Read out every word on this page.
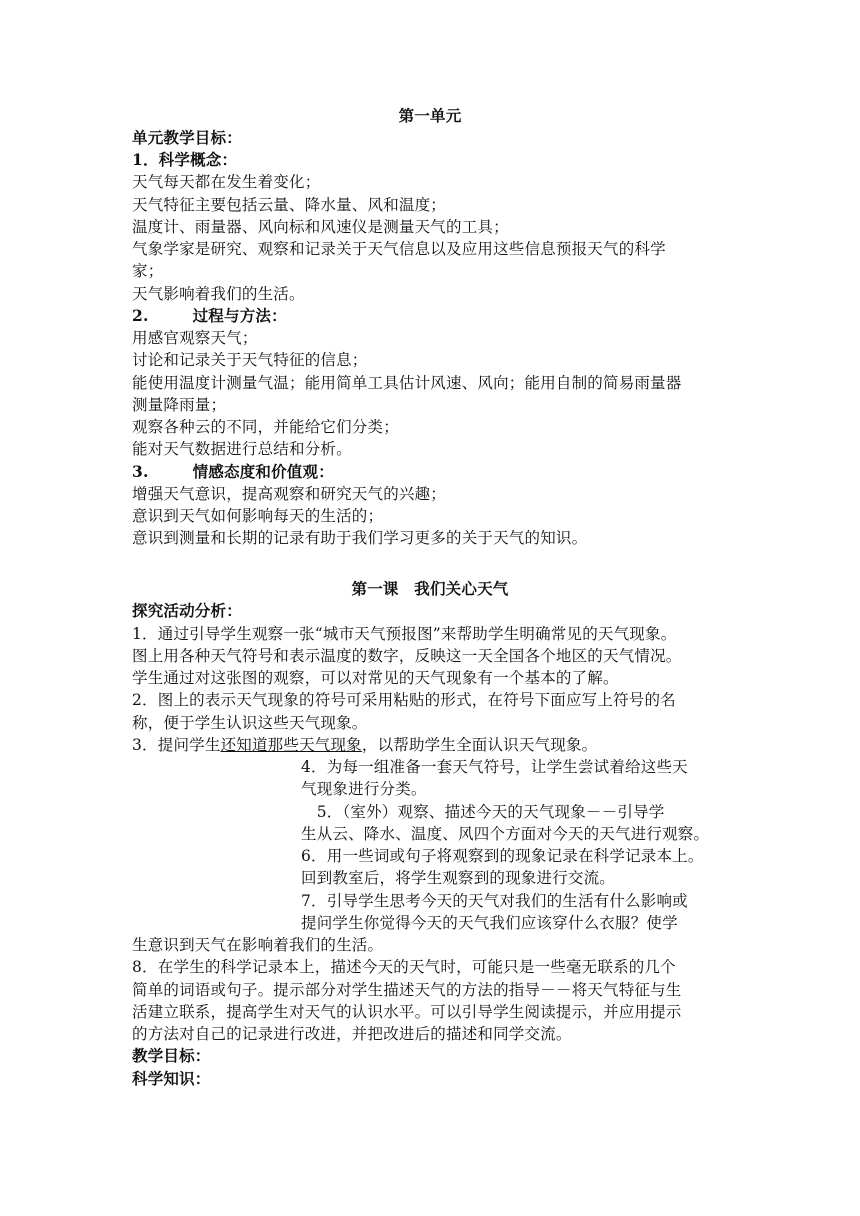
第一单元
单元教学目标：
1．科学概念：
天气每天都在发生着变化；
天气特征主要包括云量、降水量、风和温度；
温度计、雨量器、风向标和风速仪是测量天气的工具；
气象学家是研究、观察和记录关于天气信息以及应用这些信息预报天气的科学
家；
天气影响着我们的生活。
2.	过程与方法：
用感官观察天气；
讨论和记录关于天气特征的信息；
能使用温度计测量气温；能用简单工具估计风速、风向；能用自制的简易雨量器
测量降雨量；
观察各种云的不同，并能给它们分类；
能对天气数据进行总结和分析。
3.	情感态度和价值观：
增强天气意识，提高观察和研究天气的兴趣；
意识到天气如何影响每天的生活的；
意识到测量和长期的记录有助于我们学习更多的关于天气的知识。
第一课　我们关心天气
探究活动分析：
1．通过引导学生观察一张“城市天气预报图”来帮助学生明确常见的天气现象。
图上用各种天气符号和表示温度的数字，反映这一天全国各个地区的天气情况。
学生通过对这张图的观察，可以对常见的天气现象有一个基本的了解。
2．图上的表示天气现象的符号可采用粘贴的形式，在符号下面应写上符号的名
称，便于学生认识这些天气现象。
3．提问学生还知道那些天气现象，以帮助学生全面认识天气现象。
4．为每一组准备一套天气符号，让学生尝试着给这些天
气现象进行分类。
　5．（室外）观察、描述今天的天气现象－－引导学
生从云、降水、温度、风四个方面对今天的天气进行观察。
6．用一些词或句子将观察到的现象记录在科学记录本上。
回到教室后，将学生观察到的现象进行交流。
7．引导学生思考今天的天气对我们的生活有什么影响或
提问学生你觉得今天的天气我们应该穿什么衣服？使学
生意识到天气在影响着我们的生活。
8．在学生的科学记录本上，描述今天的天气时，可能只是一些毫无联系的几个
简单的词语或句子。提示部分对学生描述天气的方法的指导－－将天气特征与生
活建立联系，提高学生对天气的认识水平。可以引导学生阅读提示，并应用提示
的方法对自己的记录进行改进，并把改进后的描述和同学交流。
教学目标：
科学知识：
